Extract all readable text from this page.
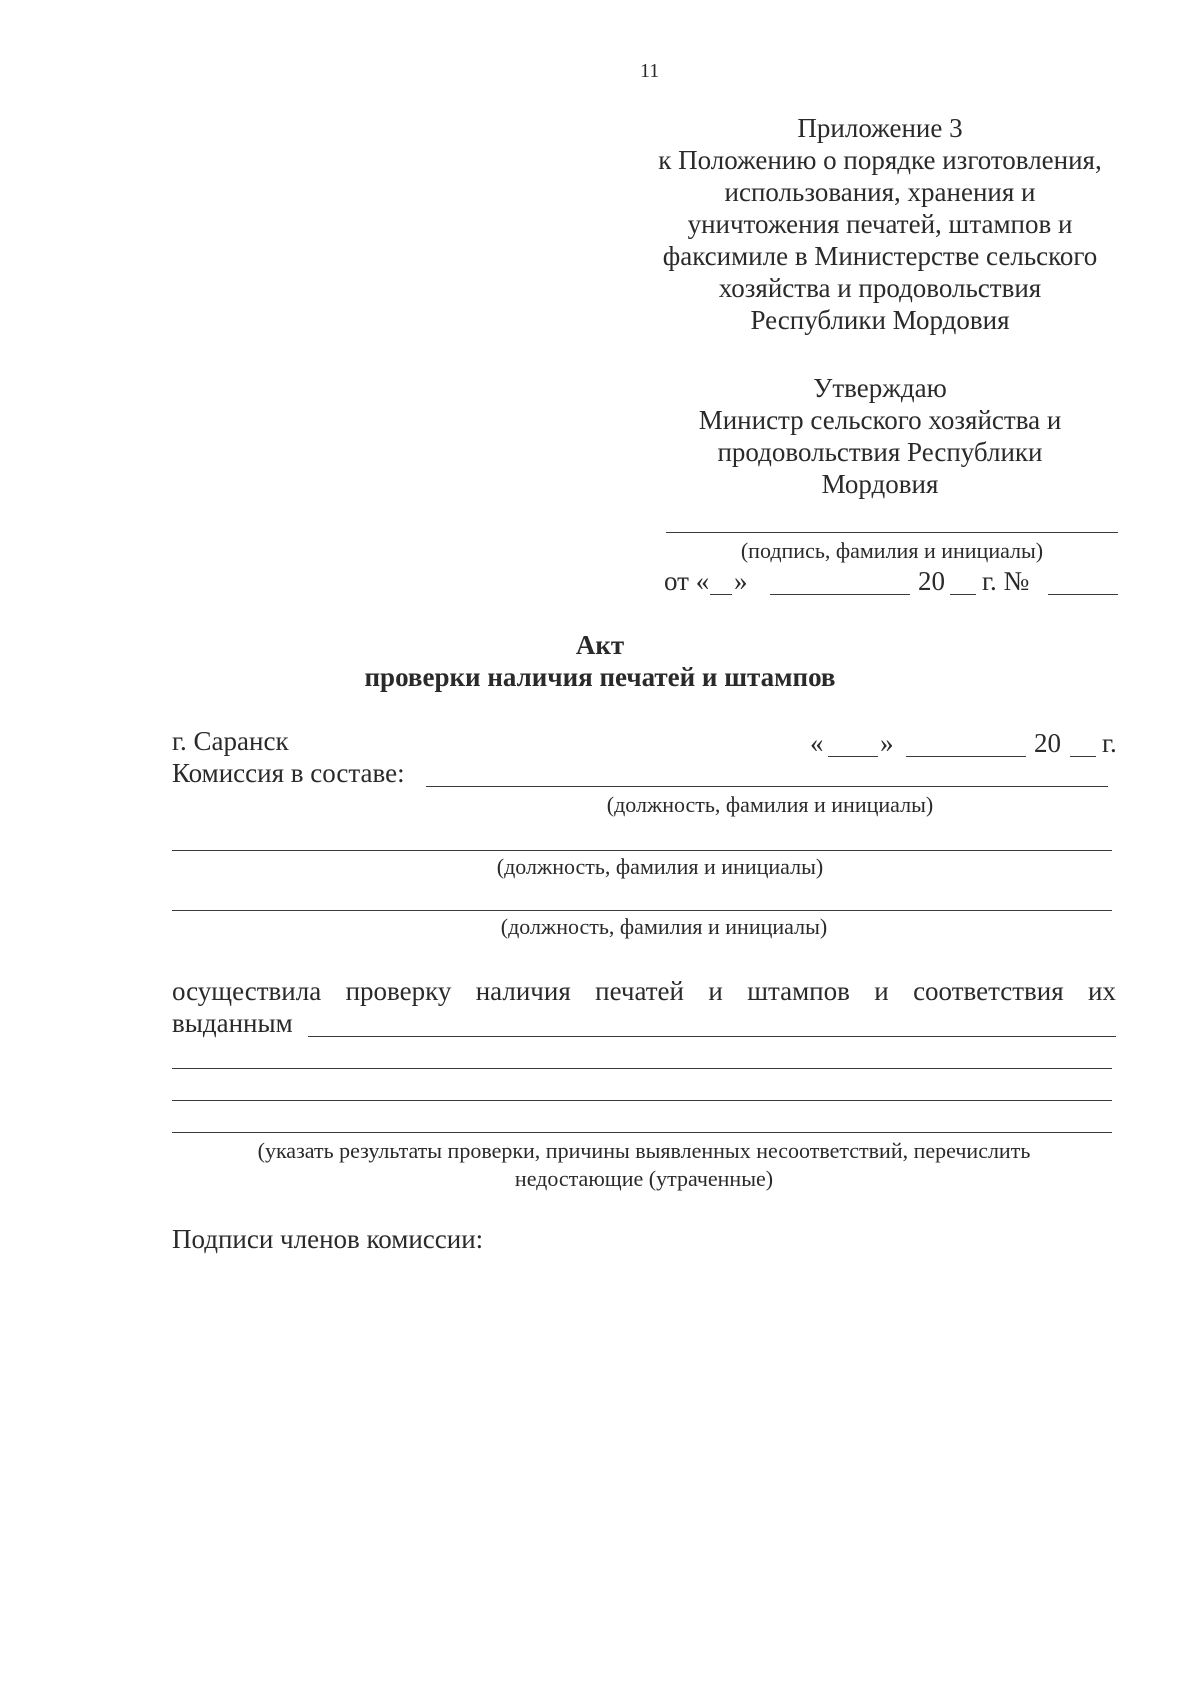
11
Приложение 3
к Положению о порядке изготовления,
использования, хранения и
уничтожения печатей, штампов и
факсимиле в Министерстве сельского
хозяйства и продовольствия
Республики Мордовия
Утверждаю
Министр сельского хозяйства и
продовольствия Республики
Мордовия
(подпись, фамилия и инициалы)
от « »	20 г. №
Акт
проверки наличия печатей и штампов
г. Саранск	« »	20 г.
Комиссия в составе:
(должность, фамилия и инициалы)
(должность, фамилия и инициалы)
(должность, фамилия и инициалы)
осуществила проверку наличия печатей и штампов и соответствия их
выданным
(указать результаты проверки, причины выявленных несоответствий, перечислить
недостающие (утраченные)
Подписи членов комиссии:
